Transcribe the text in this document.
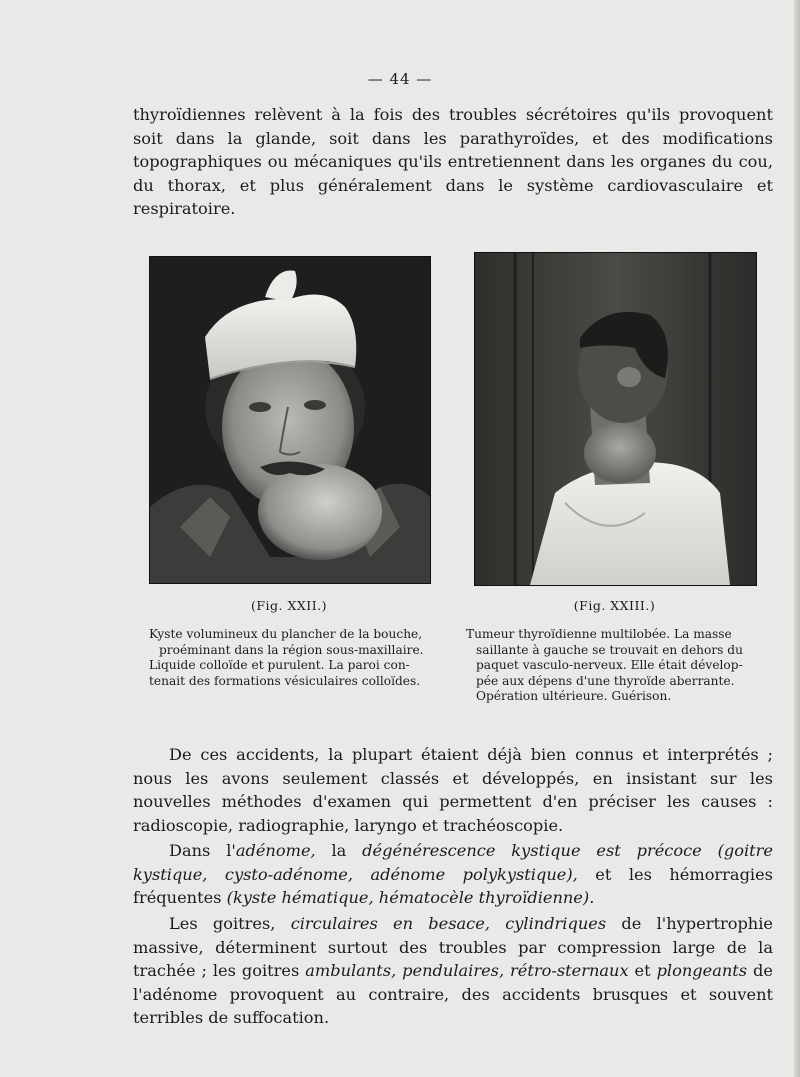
— 44 —

thyroïdiennes relèvent à la fois des troubles sécrétoires qu'ils provoquent soit dans la glande, soit dans les parathyroïdes, et des modifications topographiques ou mécaniques qu'ils entretiennent dans les organes du cou, du thorax, et plus généralement dans le système cardiovasculaire et respiratoire.

(Fig. XXII.)	(Fig. XXIII.)

Kyste volumineux du plancher de la bouche,
proéminant dans la région sous-maxillaire.
Liquide colloïde et purulent. La paroi con-
tenait des formations vésiculaires colloïdes.

Tumeur thyroïdienne multilobée. La masse
saillante à gauche se trouvait en dehors du
paquet vasculo-nerveux. Elle était dévelop-
pée aux dépens d'une thyroïde aberrante.
Opération ultérieure. Guérison.

De ces accidents, la plupart étaient déjà bien connus et interprétés ; nous les avons seulement classés et développés, en insistant sur les nouvelles méthodes d'examen qui permettent d'en préciser les causes : radioscopie, radiographie, laryngo et trachéoscopie.

Dans l'adénome, la dégénérescence kystique est précoce (goitre kystique, cysto-adénome, adénome polykystique), et les hémorragies fréquentes (kyste hématique, hématocèle thyroïdienne).

Les goitres, circulaires en besace, cylindriques de l'hypertrophie massive, déterminent surtout des troubles par compression large de la trachée ; les goitres ambulants, pendulaires, rétro-sternaux et plongeants de l'adénome provoquent au contraire, des accidents brusques et souvent terribles de suffocation.
